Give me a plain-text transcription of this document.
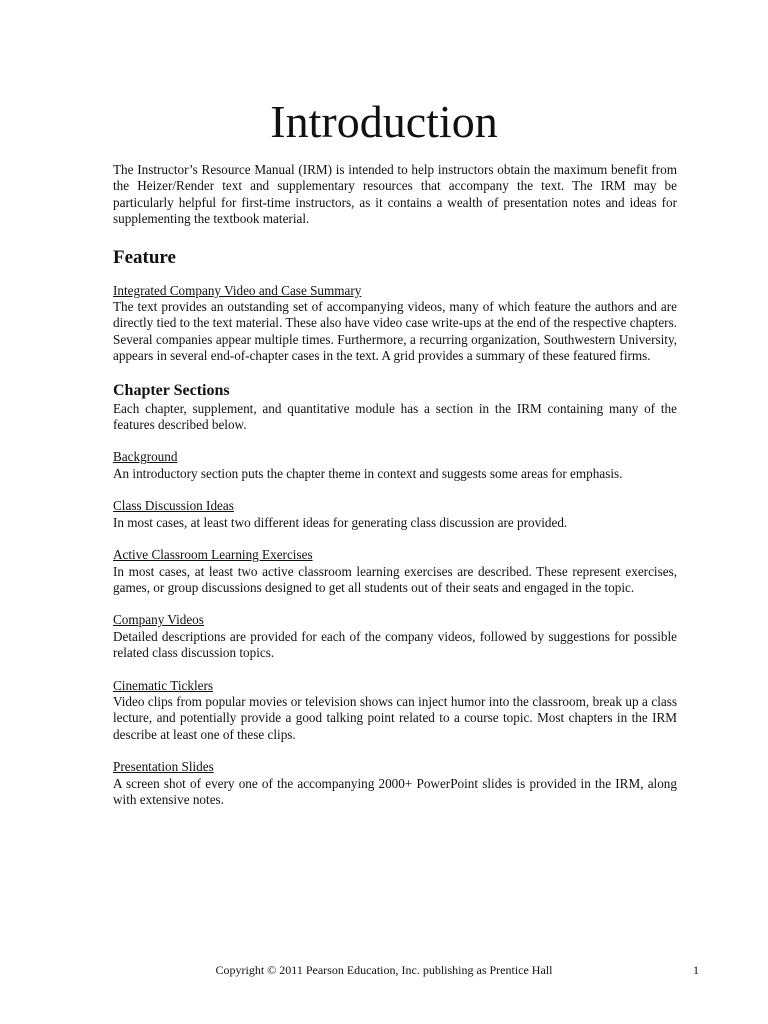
Introduction

The Instructor’s Resource Manual (IRM) is intended to help instructors obtain the maximum benefit from the Heizer/Render text and supplementary resources that accompany the text. The IRM may be particularly helpful for first-time instructors, as it contains a wealth of presentation notes and ideas for supplementing the textbook material.

Feature
Integrated Company Video and Case Summary

The text provides an outstanding set of accompanying videos, many of which feature the authors and are directly tied to the text material. These also have video case write-ups at the end of the respective chapters. Several companies appear multiple times. Furthermore, a recurring organization, Southwestern University, appears in several end-of-chapter cases in the text. A grid provides a summary of these featured firms.

Chapter Sections

Each chapter, supplement, and quantitative module has a section in the IRM containing many of the features described below.

Background

An introductory section puts the chapter theme in context and suggests some areas for emphasis.

Class Discussion Ideas

In most cases, at least two different ideas for generating class discussion are provided.

Active Classroom Learning Exercises

In most cases, at least two active classroom learning exercises are described. These represent exercises, games, or group discussions designed to get all students out of their seats and engaged in the topic.

Company Videos

Detailed descriptions are provided for each of the company videos, followed by suggestions for possible related class discussion topics.

Cinematic Ticklers

Video clips from popular movies or television shows can inject humor into the classroom, break up a class lecture, and potentially provide a good talking point related to a course topic. Most chapters in the IRM describe at least one of these clips.

Presentation Slides

A screen shot of every one of the accompanying 2000+ PowerPoint slides is provided in the IRM, along with extensive notes.

Copyright © 2011 Pearson Education, Inc. publishing as Prentice Hall	1
